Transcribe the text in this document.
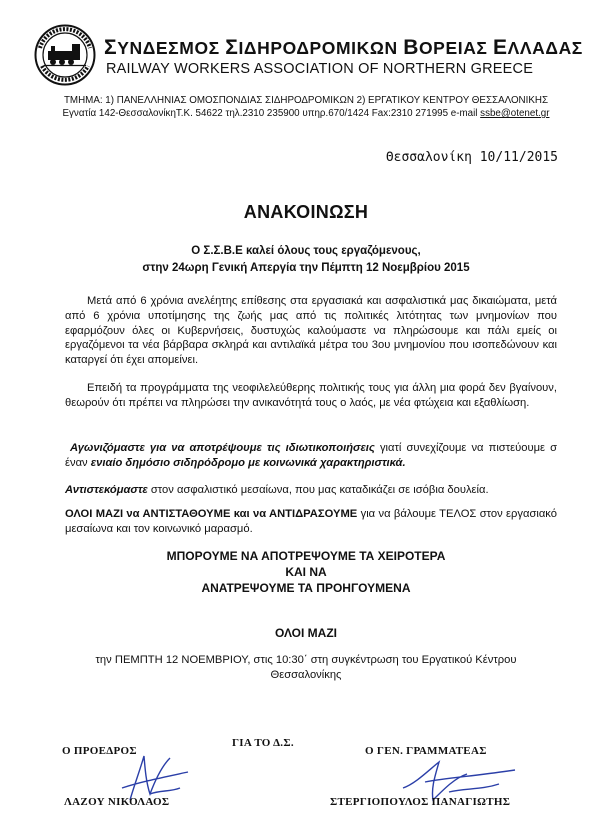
ΣΥΝΔΕΣΜΟΣ ΣΙΔΗΡΟΔΡΟΜΙΚΩΝ ΒΟΡΕΙΑΣ ΕΛΛΑΔΑΣ
RAILWAY WORKERS ASSOCIATION OF NORTHERN GREECE
ΤΜΗΜΑ: 1) ΠΑΝΕΛΛΗΝΙΑΣ ΟΜΟΣΠΟΝΔΙΑΣ ΣΙΔΗΡΟΔΡΟΜΙΚΩΝ 2) ΕΡΓΑΤΙΚΟΥ ΚΕΝΤΡΟΥ ΘΕΣΣΑΛΟΝΙΚΗΣ
Εγνατία 142-ΘεσσαλονίκηΤ.Κ. 54622 τηλ.2310 235900 υπηρ.670/1424 Fax:2310 271995 e-mail ssbe@otenet.gr
Θεσσαλονίκη 10/11/2015
ΑΝΑΚΟΙΝΩΣΗ
Ο Σ.Σ.Β.Ε καλεί όλους τους εργαζόμενους,
στην 24ωρη Γενική Απεργία την Πέμπτη 12 Νοεμβρίου 2015
Μετά από 6 χρόνια ανελέητης επίθεσης στα εργασιακά και ασφαλιστικά μας δικαιώματα, μετά από 6 χρόνια υποτίμησης της ζωής μας από τις πολιτικές λιτότητας των μνημονίων που εφαρμόζουν όλες οι Κυβερνήσεις, δυστυχώς καλούμαστε να πληρώσουμε και πάλι εμείς οι εργαζόμενοι τα νέα βάρβαρα σκληρά και αντιλαϊκά μέτρα του 3ου μνημονίου που ισοπεδώνουν και καταργεί ότι έχει απομείνει.
Επειδή τα προγράμματα της νεοφιλελεύθερης πολιτικής τους για άλλη μια φορά δεν βγαίνουν, θεωρούν ότι πρέπει να πληρώσει την ανικανότητά τους ο λαός, με νέα φτώχεια και εξαθλίωση.
Αγωνιζόμαστε για να αποτρέψουμε τις ιδιωτικοποιήσεις γιατί συνεχίζουμε να πιστεύουμε σ έναν ενιαίο δημόσιο σιδηρόδρομο με κοινωνικά χαρακτηριστικά.
Αντιστεκόμαστε στον ασφαλιστικό μεσαίωνα, που μας καταδικάζει σε ισόβια δουλεία.
ΟΛΟΙ ΜΑΖΙ να ΑΝΤΙΣΤΑΘΟΥΜΕ και να ΑΝΤΙΔΡΑΣΟΥΜΕ για να βάλουμε ΤΕΛΟΣ στον εργασιακό μεσαίωνα και τον κοινωνικό μαρασμό.
ΜΠΟΡΟΥΜΕ ΝΑ ΑΠΟΤΡΕΨΟΥΜΕ ΤΑ ΧΕΙΡΟΤΕΡΑ
ΚΑΙ ΝΑ
ΑΝΑΤΡΕΨΟΥΜΕ ΤΑ ΠΡΟΗΓΟΥΜΕΝΑ
ΟΛΟΙ ΜΑΖΙ
την ΠΕΜΠΤΗ 12 ΝΟΕΜΒΡΙΟΥ, στις 10:30΄ στη συγκέντρωση του Εργατικού Κέντρου
Θεσσαλονίκης
ΓΙΑ ΤΟ Δ.Σ.
Ο ΠΡΟΕΔΡΟΣ	Ο ΓΕΝ. ΓΡΑΜΜΑΤΕΑΣ
ΛΑΖΟΥ ΝΙΚΟΛΑΟΣ	ΣΤΕΡΓΙΟΠΟΥΛΟΣ ΠΑΝΑΓΙΩΤΗΣ
